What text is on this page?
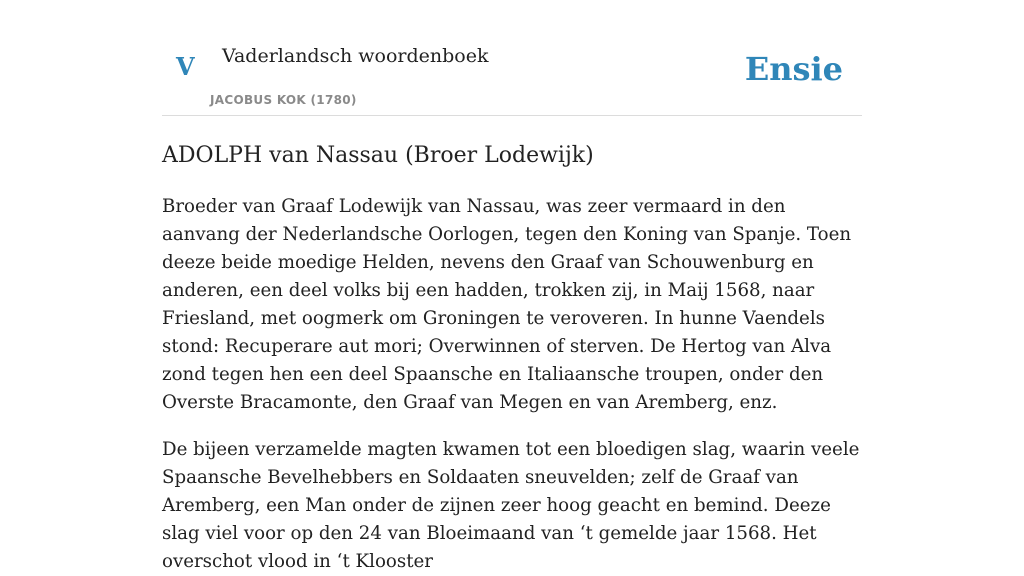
V Vaderlandsch woordenboek
JACOBUS KOK (1780)
Ensie
ADOLPH van Nassau (Broer Lodewijk)

Broeder van Graaf Lodewijk van Nassau, was zeer vermaard in den aanvang der Nederlandsche Oorlogen, tegen den Koning van Spanje. Toen deeze beide moedige Helden, nevens den Graaf van Schouwenburg en anderen, een deel volks bij een hadden, trokken zij, in Maij 1568, naar Friesland, met oogmerk om Groningen te veroveren. In hunne Vaendels stond: Recuperare aut mori; Overwinnen of sterven. De Hertog van Alva zond tegen hen een deel Spaansche en Italiaansche troupen, onder den Overste Bracamonte, den Graaf van Megen en van Aremberg, enz.

De bijeen verzamelde magten kwamen tot een bloedigen slag, waarin veele Spaansche Bevelhebbers en Soldaaten sneuvelden; zelf de Graaf van Aremberg, een Man onder de zijnen zeer hoog geacht en bemind. Deeze slag viel voor op den 24 van Bloeimaand van ‘t gemelde jaar 1568. Het overschot vlood in ‘t Klooster
